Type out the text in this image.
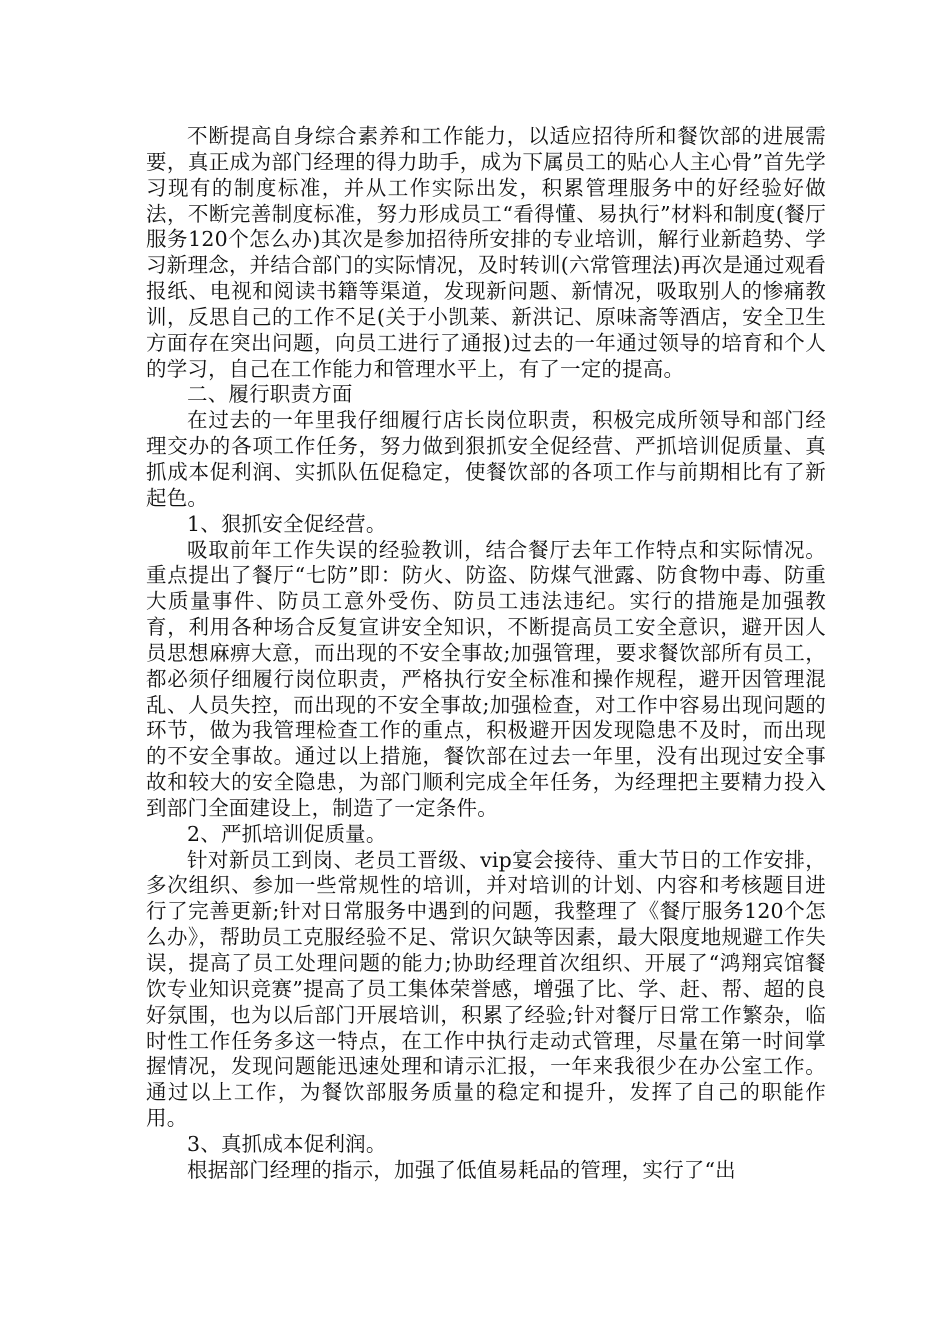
不断提高自身综合素养和工作能力，以适应招待所和餐饮部的进展需要，真正成为部门经理的得力助手，成为下属员工的贴心人主心骨”首先学习现有的制度标准，并从工作实际出发，积累管理服务中的好经验好做法，不断完善制度标准，努力形成员工“看得懂、易执行”材料和制度(餐厅服务120个怎么办)其次是参加招待所安排的专业培训，解行业新趋势、学习新理念，并结合部门的实际情况，及时转训(六常管理法)再次是通过观看报纸、电视和阅读书籍等渠道，发现新问题、新情况，吸取别人的惨痛教训，反思自己的工作不足(关于小凯莱、新洪记、原味斋等酒店，安全卫生方面存在突出问题，向员工进行了通报)过去的一年通过领导的培育和个人的学习，自己在工作能力和管理水平上，有了一定的提高。

二、履行职责方面

在过去的一年里我仔细履行店长岗位职责，积极完成所领导和部门经理交办的各项工作任务，努力做到狠抓安全促经营、严抓培训促质量、真抓成本促利润、实抓队伍促稳定，使餐饮部的各项工作与前期相比有了新起色。

1、狠抓安全促经营。

吸取前年工作失误的经验教训，结合餐厅去年工作特点和实际情况。重点提出了餐厅“七防”即：防火、防盗、防煤气泄露、防食物中毒、防重大质量事件、防员工意外受伤、防员工违法违纪。实行的措施是加强教育，利用各种场合反复宣讲安全知识，不断提高员工安全意识，避开因人员思想麻痹大意，而出现的不安全事故;加强管理，要求餐饮部所有员工，都必须仔细履行岗位职责，严格执行安全标准和操作规程，避开因管理混乱、人员失控，而出现的不安全事故;加强检查，对工作中容易出现问题的环节，做为我管理检查工作的重点，积极避开因发现隐患不及时，而出现的不安全事故。通过以上措施，餐饮部在过去一年里，没有出现过安全事故和较大的安全隐患，为部门顺利完成全年任务，为经理把主要精力投入到部门全面建设上，制造了一定条件。

2、严抓培训促质量。

针对新员工到岗、老员工晋级、vip宴会接待、重大节日的工作安排，多次组织、参加一些常规性的培训，并对培训的计划、内容和考核题目进行了完善更新;针对日常服务中遇到的问题，我整理了《餐厅服务120个怎么办》，帮助员工克服经验不足、常识欠缺等因素，最大限度地规避工作失误，提高了员工处理问题的能力;协助经理首次组织、开展了“鸿翔宾馆餐饮专业知识竞赛”提高了员工集体荣誉感，增强了比、学、赶、帮、超的良好氛围，也为以后部门开展培训，积累了经验;针对餐厅日常工作繁杂，临时性工作任务多这一特点，在工作中执行走动式管理，尽量在第一时间掌握情况，发现问题能迅速处理和请示汇报，一年来我很少在办公室工作。通过以上工作，为餐饮部服务质量的稳定和提升，发挥了自己的职能作用。

3、真抓成本促利润。

根据部门经理的指示，加强了低值易耗品的管理，实行了“出
